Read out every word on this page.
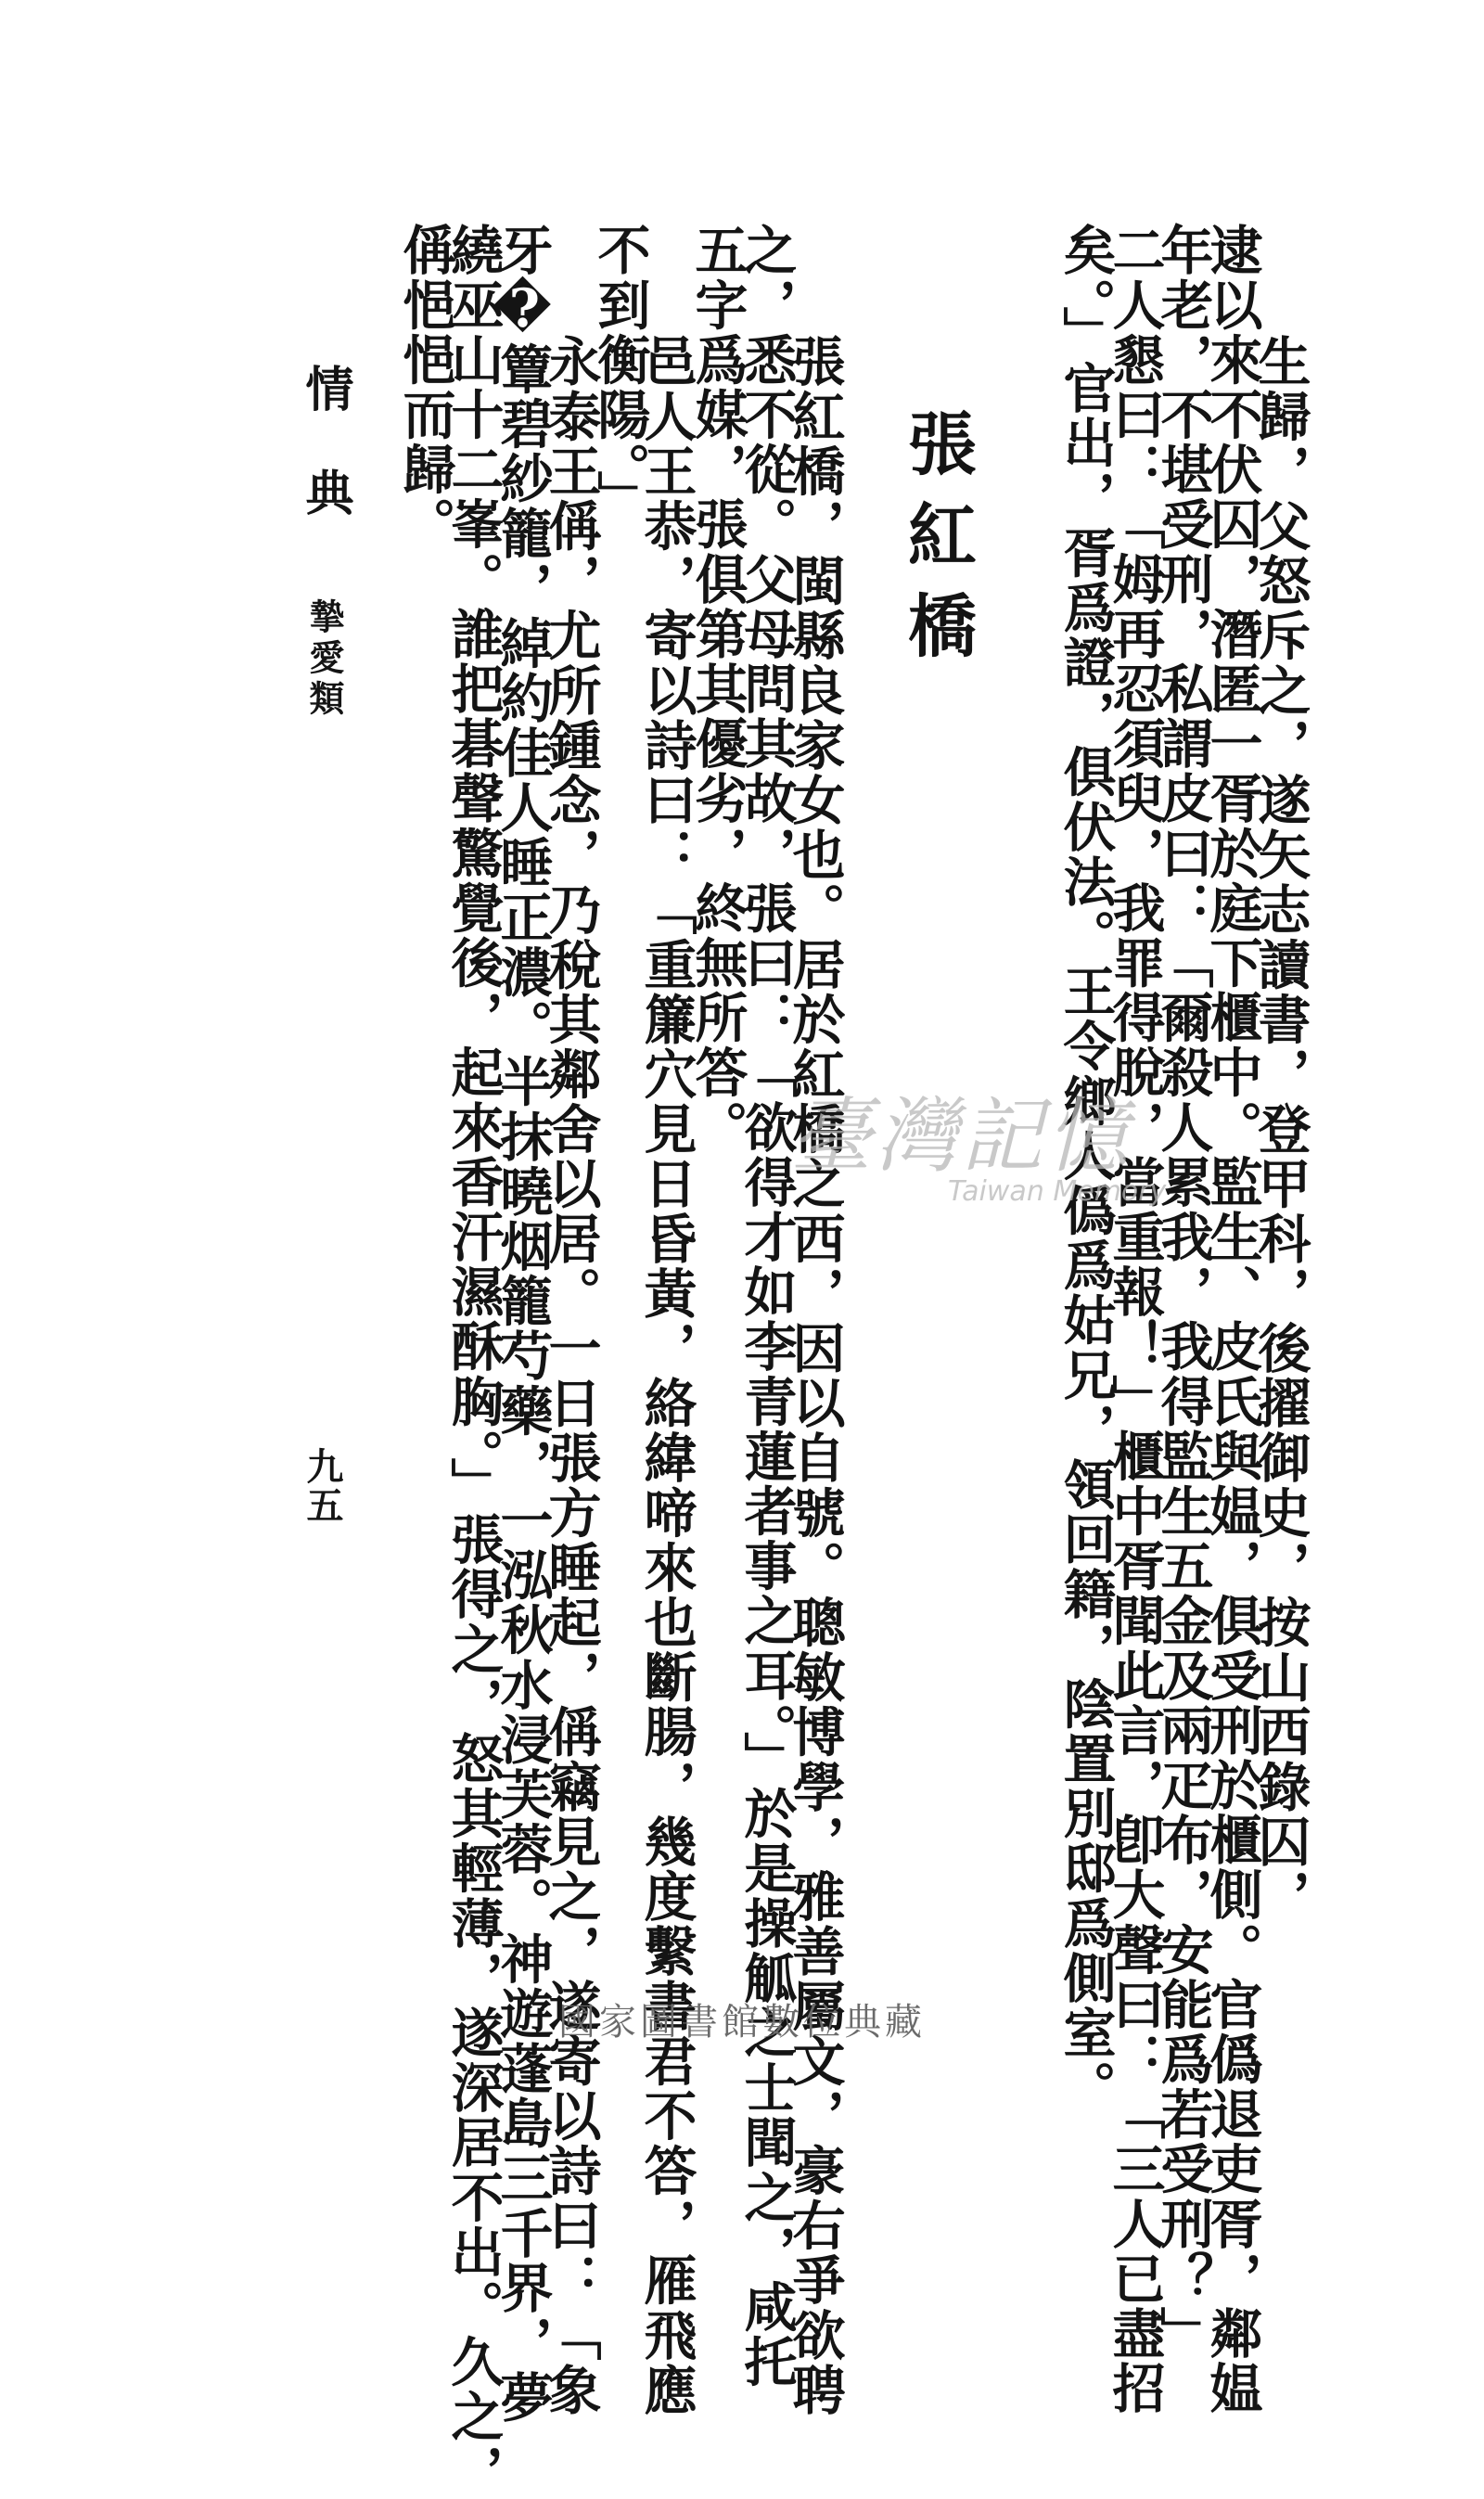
生歸，父怒斥之，遂矢志讀書，登甲科，後擢御史，按山西錄囚，
逮以來不伏囚，潛匿一胥於庭下櫃中。監生、皮氏與媪，俱受刑於櫃側。官僞退吏胥，鄰媪
年老，不堪受刑，私謂皮曰：「爾殺人累我，我得監生五金及兩疋布，安能爲若受刑？」
二人懇曰：「姆再忍須臾，我罪得脫，當重報！」櫃中胥聞此言，卽大聲曰：「三人已盡招
矣。」官出，胥爲證，俱伏法。王令鄉人僞爲姑兄，領回籍，陰置別邸爲側室。
張紅橋
張紅橋，閩縣良家女也。居於紅橋之西，因以自號。聰敏博學，雅善屬文，豪右爭欲聘
之，悉不從。父母問其故，張曰：「欲得才如李青蓮者事之耳。」於是操觚之士聞之，咸托
五字爲媒，張俱第其優劣，終無所答。
邑人王恭，寄以詩曰：「重簾穴見日昏黃，絡緯啼來也斷腸，幾度繫書君不答，雁飛應
不到衡陽。」
永泰王偁，尤所鍾念，乃稅其鄰舍以居。一日張方睡起，偁竊見之，遂寄以詩曰：「象
牙�簟碧紗籠，綽約佳人睡正濃。半抹曉烟籠芍藥，一泓秋水浸芙蓉。神遊蓬島三千界，夢
繞巫山十二峯。誰把碁聲驚覺後，起來香汗濕酥胸。」張得之，怒其輕薄，遂深居不出。久之，
偁悒悒而歸。
情典
摯愛類
九五
臺灣記憶
Taiwan Memory
國家圖書館數位典藏
